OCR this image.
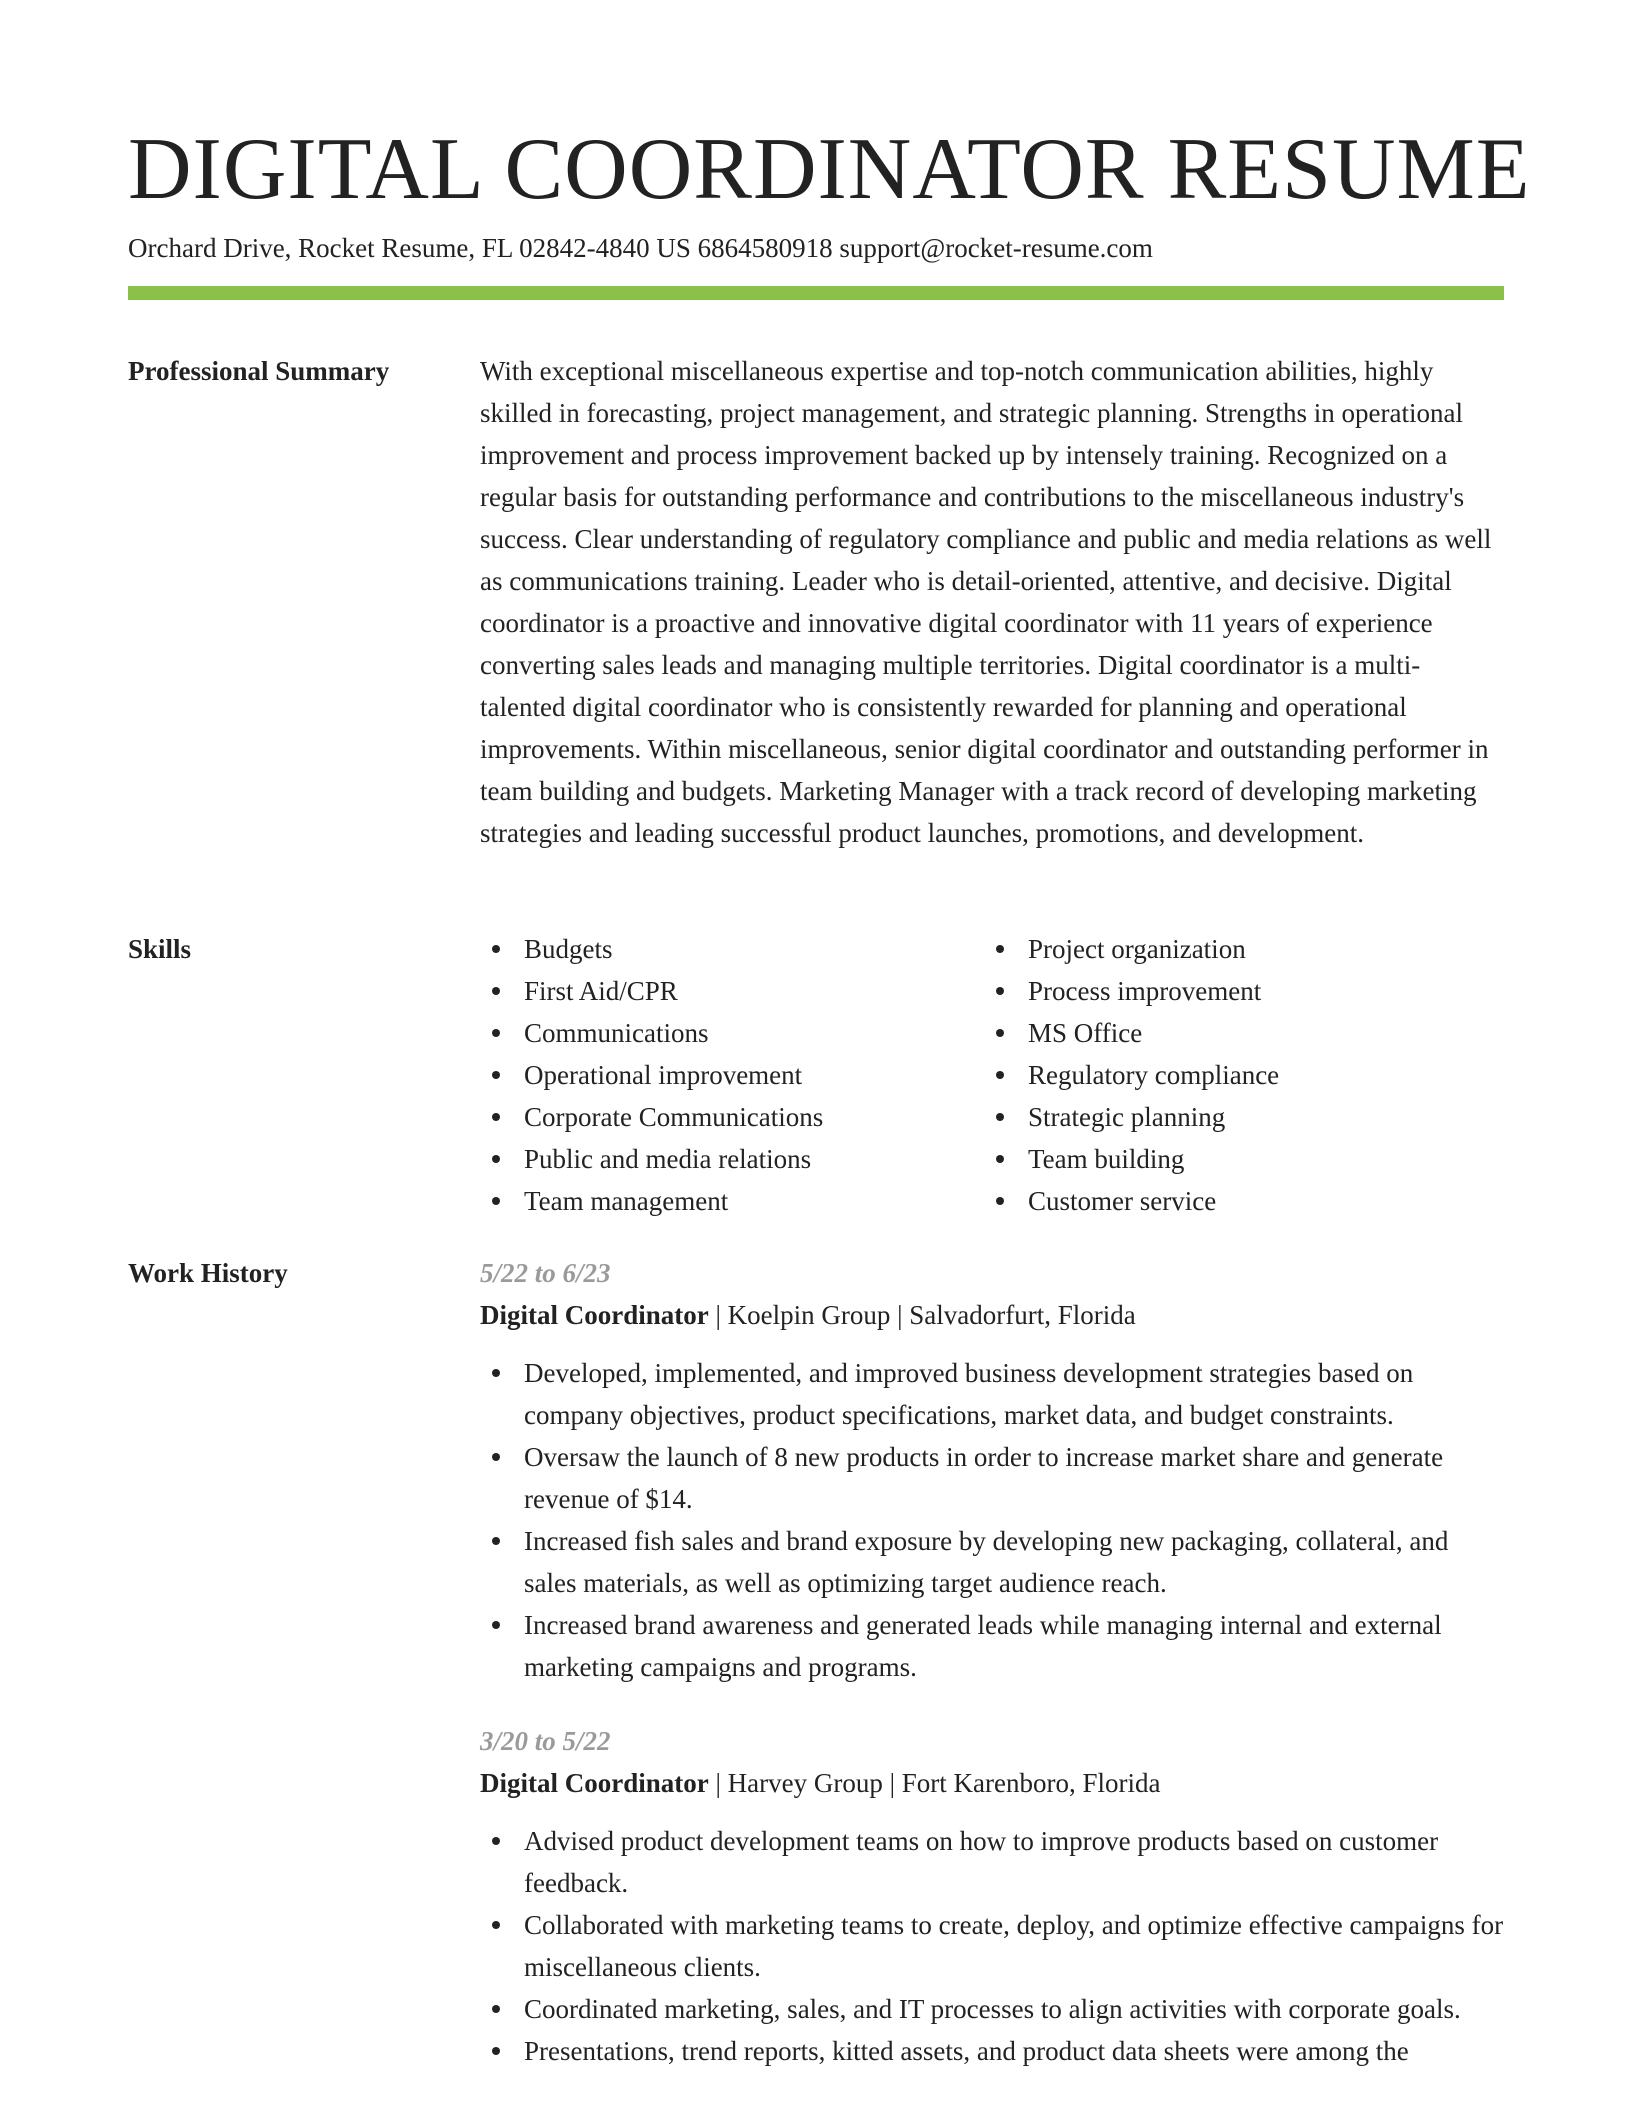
DIGITAL COORDINATOR RESUME
Orchard Drive, Rocket Resume, FL 02842-4840 US 6864580918 support@rocket-resume.com
Professional Summary	With exceptional miscellaneous expertise and top-notch communication abilities, highly skilled in forecasting, project management, and strategic planning. Strengths in operational improvement and process improvement backed up by intensely training. Recognized on a regular basis for outstanding performance and contributions to the miscellaneous industry's success. Clear understanding of regulatory compliance and public and media relations as well as communications training. Leader who is detail-oriented, attentive, and decisive. Digital coordinator is a proactive and innovative digital coordinator with 11 years of experience converting sales leads and managing multiple territories. Digital coordinator is a multi-talented digital coordinator who is consistently rewarded for planning and operational improvements. Within miscellaneous, senior digital coordinator and outstanding performer in team building and budgets. Marketing Manager with a track record of developing marketing strategies and leading successful product launches, promotions, and development.

Skills	Budgets
First Aid/CPR
Communications
Operational improvement
Corporate Communications
Public and media relations
Team management
Project organization
Process improvement
MS Office
Regulatory compliance
Strategic planning
Team building
Customer service
Work History	5/22 to 6/23
Digital Coordinator | Koelpin Group | Salvadorfurt, Florida
Developed, implemented, and improved business development strategies based on company objectives, product specifications, market data, and budget constraints.
Oversaw the launch of 8 new products in order to increase market share and generate revenue of $14.
Increased fish sales and brand exposure by developing new packaging, collateral, and sales materials, as well as optimizing target audience reach.
Increased brand awareness and generated leads while managing internal and external marketing campaigns and programs.
3/20 to 5/22
Digital Coordinator | Harvey Group | Fort Karenboro, Florida
Advised product development teams on how to improve products based on customer feedback.
Collaborated with marketing teams to create, deploy, and optimize effective campaigns for miscellaneous clients.
Coordinated marketing, sales, and IT processes to align activities with corporate goals.
Presentations, trend reports, kitted assets, and product data sheets were among the
